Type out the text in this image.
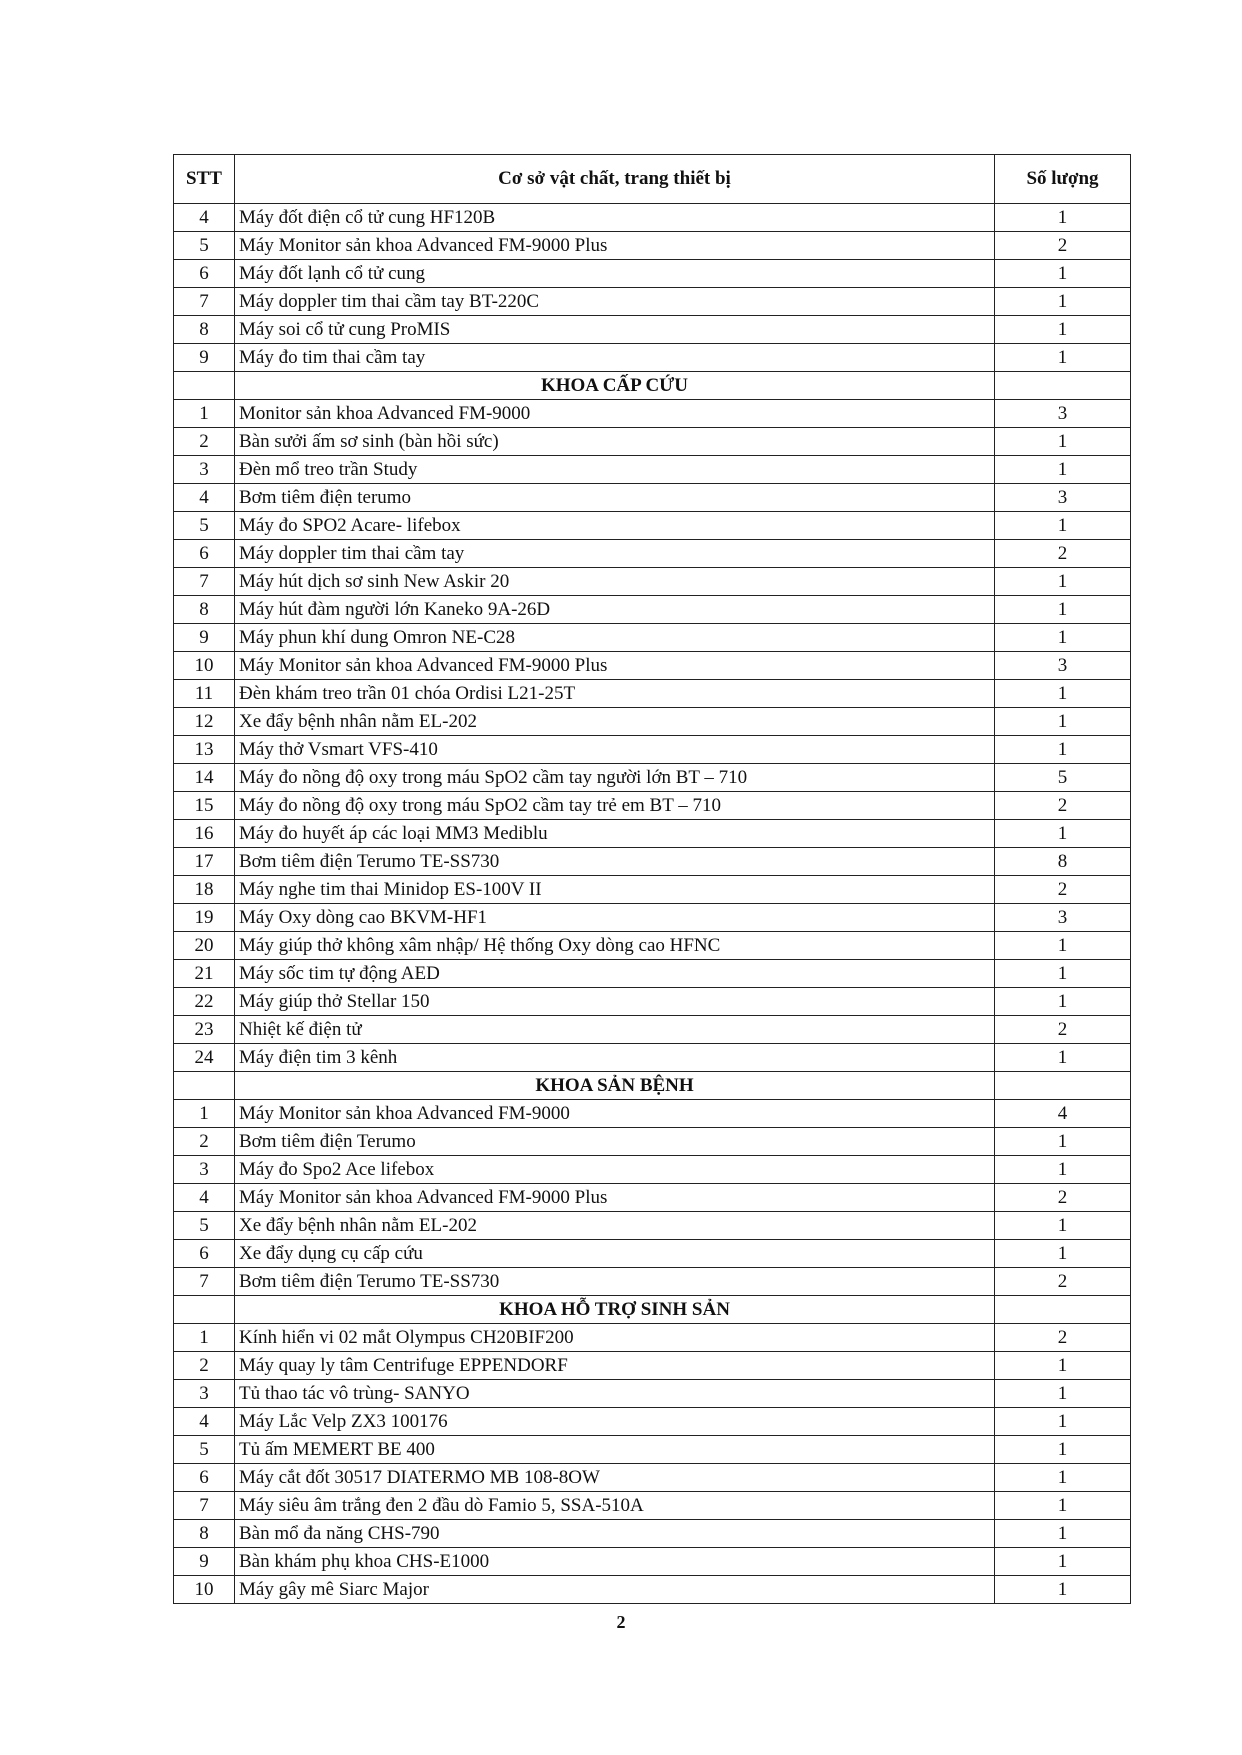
STT	Cơ sở vật chất, trang thiết bị	Số lượng
4	Máy đốt điện cổ tử cung HF120B	1
5	Máy Monitor sản khoa Advanced FM-9000 Plus	2
6	Máy đốt lạnh cổ tử cung	1
7	Máy doppler tim thai cầm tay BT-220C	1
8	Máy soi cổ tử cung ProMIS	1
9	Máy đo tim thai cầm tay	1
	KHOA CẤP CỨU	
1	Monitor sản khoa Advanced FM-9000	3
2	Bàn sưởi ấm sơ sinh (bàn hồi sức)	1
3	Đèn mổ treo trần Study	1
4	Bơm tiêm điện terumo	3
5	Máy đo SPO2 Acare- lifebox	1
6	Máy doppler tim thai cầm tay	2
7	Máy hút dịch sơ sinh New Askir 20	1
8	Máy hút đàm người lớn Kaneko 9A-26D	1
9	Máy phun khí dung Omron NE-C28	1
10	Máy Monitor sản khoa Advanced FM-9000 Plus	3
11	Đèn khám treo trần 01 chóa Ordisi L21-25T	1
12	Xe đẩy bệnh nhân nằm EL-202	1
13	Máy thở Vsmart VFS-410	1
14	Máy đo nồng độ oxy trong máu SpO2 cầm tay người lớn BT – 710	5
15	Máy đo nồng độ oxy trong máu SpO2 cầm tay trẻ em BT – 710	2
16	Máy đo huyết áp các loại MM3 Mediblu	1
17	Bơm tiêm điện Terumo TE-SS730	8
18	Máy nghe tim thai Minidop ES-100V II	2
19	Máy Oxy dòng cao BKVM-HF1	3
20	Máy giúp thở không xâm nhập/ Hệ thống Oxy dòng cao HFNC	1
21	Máy sốc tim tự động AED	1
22	Máy giúp thở Stellar 150	1
23	Nhiệt kế điện tử	2
24	Máy điện tim 3 kênh	1
	KHOA SẢN BỆNH	
1	Máy Monitor sản khoa Advanced FM-9000	4
2	Bơm tiêm điện Terumo	1
3	Máy đo Spo2 Ace lifebox	1
4	Máy Monitor sản khoa Advanced FM-9000 Plus	2
5	Xe đẩy bệnh nhân nằm EL-202	1
6	Xe đẩy dụng cụ cấp cứu	1
7	Bơm tiêm điện Terumo TE-SS730	2
	KHOA HỖ TRỢ SINH SẢN	
1	Kính hiển vi 02 mắt Olympus CH20BIF200	2
2	Máy quay ly tâm Centrifuge EPPENDORF	1
3	Tủ thao tác vô trùng- SANYO	1
4	Máy Lắc Velp ZX3 100176	1
5	Tủ ấm MEMERT BE 400	1
6	Máy cắt đốt 30517 DIATERMO MB 108-8OW	1
7	Máy siêu âm trắng đen 2 đầu dò Famio 5, SSA-510A	1
8	Bàn mổ đa năng CHS-790	1
9	Bàn khám phụ khoa CHS-E1000	1
10	Máy gây mê Siarc Major	1
2
